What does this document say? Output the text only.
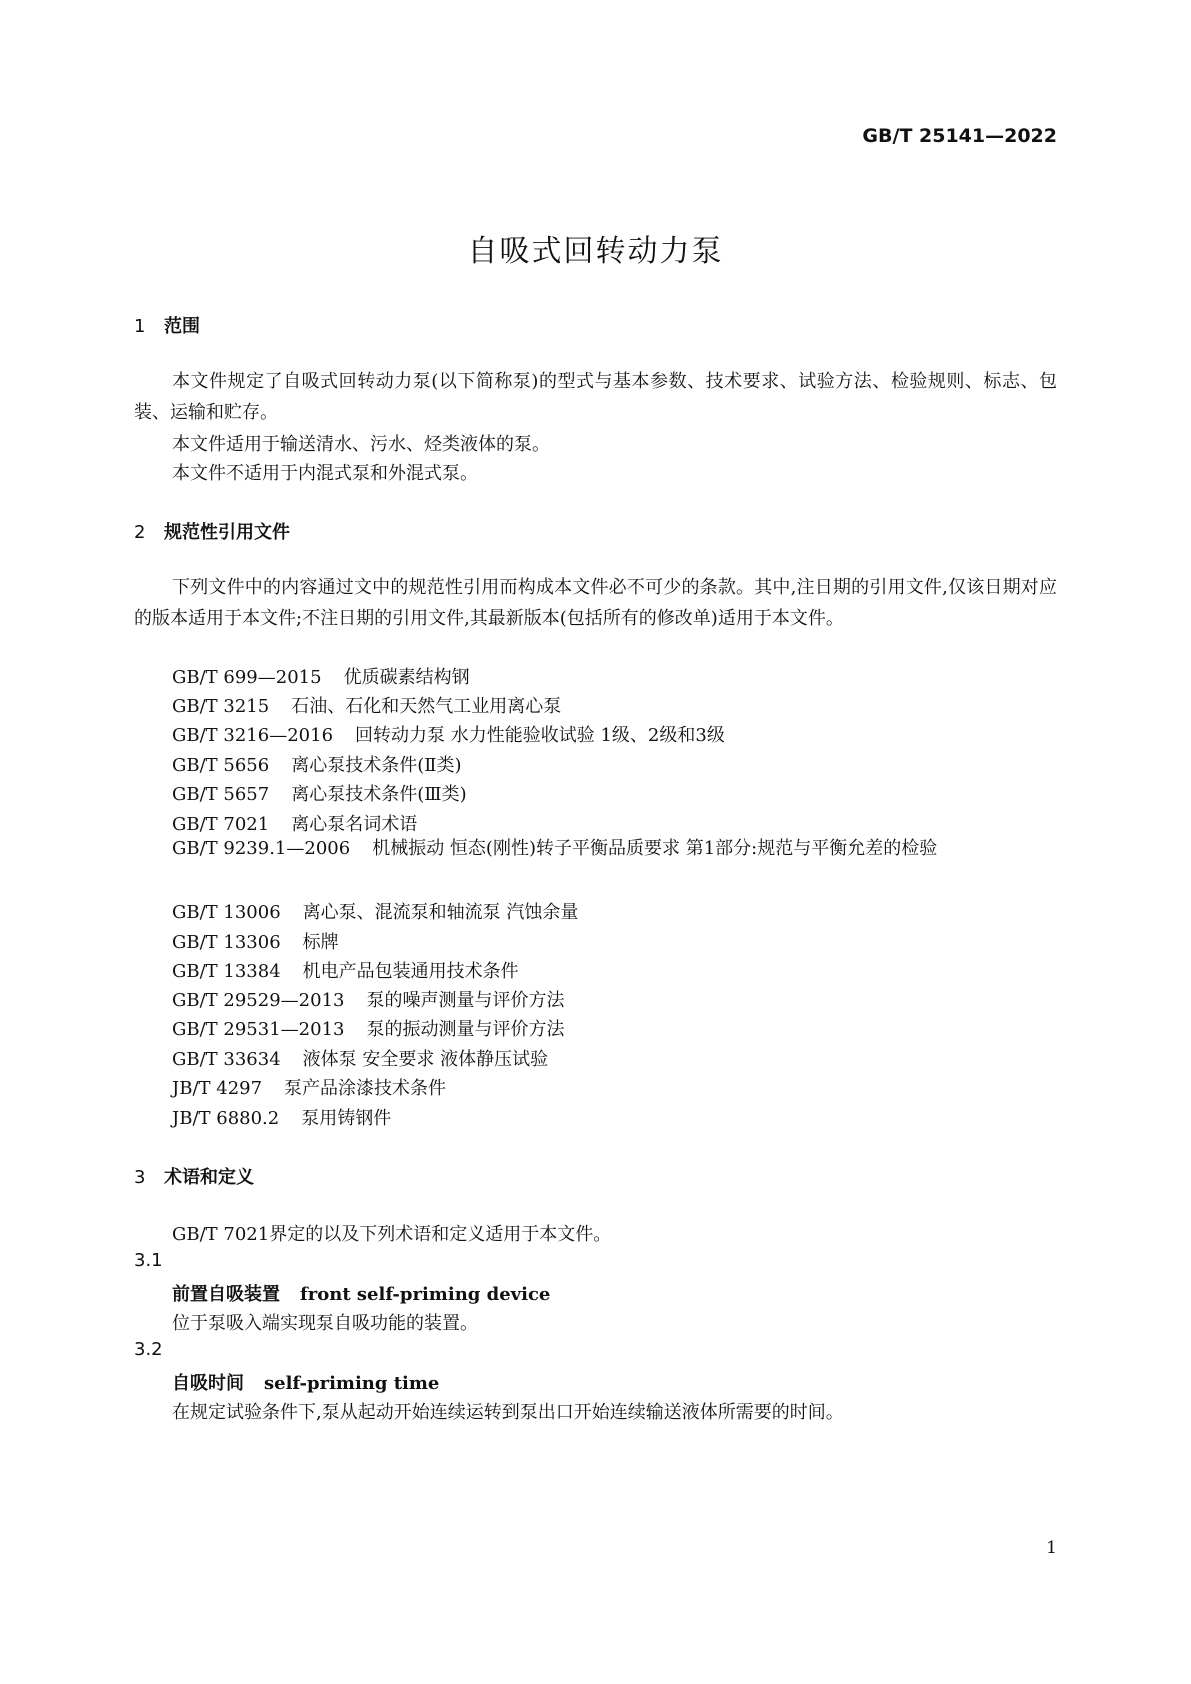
GB/T 25141—2022
自吸式回转动力泵
1 范围
本文件规定了自吸式回转动力泵(以下简称泵)的型式与基本参数、技术要求、试验方法、检验规则、标志、包装、运输和贮存。
本文件适用于输送清水、污水、烃类液体的泵。
本文件不适用于内混式泵和外混式泵。
2 规范性引用文件
下列文件中的内容通过文中的规范性引用而构成本文件必不可少的条款。其中,注日期的引用文件,仅该日期对应的版本适用于本文件;不注日期的引用文件,其最新版本(包括所有的修改单)适用于本文件。
GB/T 699—2015 优质碳素结构钢
GB/T 3215 石油、石化和天然气工业用离心泵
GB/T 3216—2016 回转动力泵 水力性能验收试验 1级、2级和3级
GB/T 5656 离心泵技术条件(Ⅱ类)
GB/T 5657 离心泵技术条件(Ⅲ类)
GB/T 7021 离心泵名词术语
GB/T 9239.1—2006 机械振动 恒态(刚性)转子平衡品质要求 第1部分:规范与平衡允差的检验
GB/T 13006 离心泵、混流泵和轴流泵 汽蚀余量
GB/T 13306 标牌
GB/T 13384 机电产品包装通用技术条件
GB/T 29529—2013 泵的噪声测量与评价方法
GB/T 29531—2013 泵的振动测量与评价方法
GB/T 33634 液体泵 安全要求 液体静压试验
JB/T 4297 泵产品涂漆技术条件
JB/T 6880.2 泵用铸钢件
3 术语和定义
GB/T 7021界定的以及下列术语和定义适用于本文件。
3.1
前置自吸装置 front self-priming device
位于泵吸入端实现泵自吸功能的装置。
3.2
自吸时间 self-priming time
在规定试验条件下,泵从起动开始连续运转到泵出口开始连续输送液体所需要的时间。
1
